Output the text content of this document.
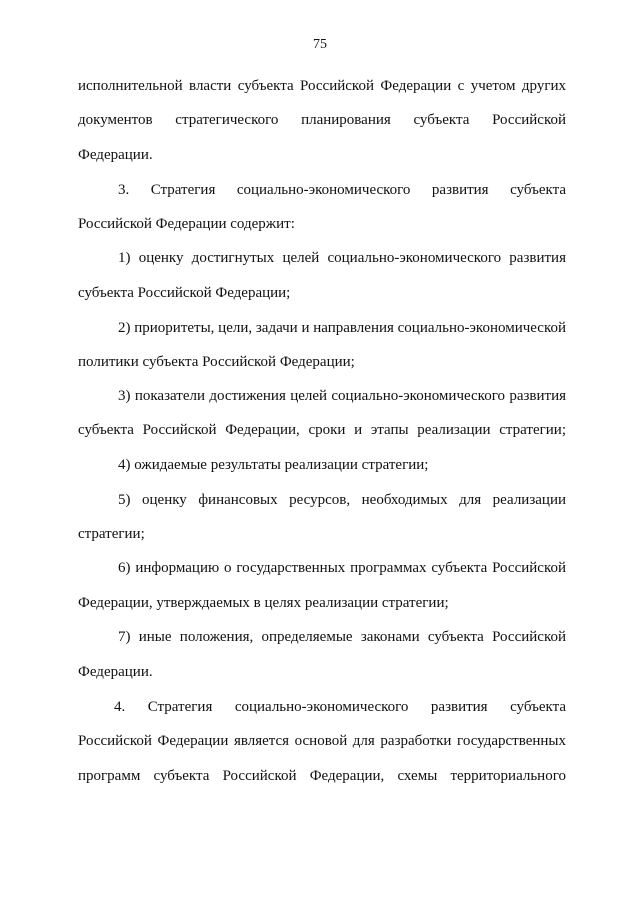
75
исполнительной власти субъекта Российской Федерации с учетом других
документов стратегического планирования субъекта Российской
Федерации.
3. Стратегия социально-экономического развития субъекта
Российской Федерации содержит:
1) оценку достигнутых целей социально-экономического развития
субъекта Российской Федерации;
2) приоритеты, цели, задачи и направления социально-экономической
политики субъекта Российской Федерации;
3) показатели достижения целей социально-экономического развития
субъекта Российской Федерации, сроки и этапы реализации стратегии;
4) ожидаемые результаты реализации стратегии;
5) оценку финансовых ресурсов, необходимых для реализации
стратегии;
6) информацию о государственных программах субъекта Российской
Федерации, утверждаемых в целях реализации стратегии;
7) иные положения, определяемые законами субъекта Российской
Федерации.
4. Стратегия социально-экономического развития субъекта
Российской Федерации является основой для разработки государственных
программ субъекта Российской Федерации, схемы территориального
